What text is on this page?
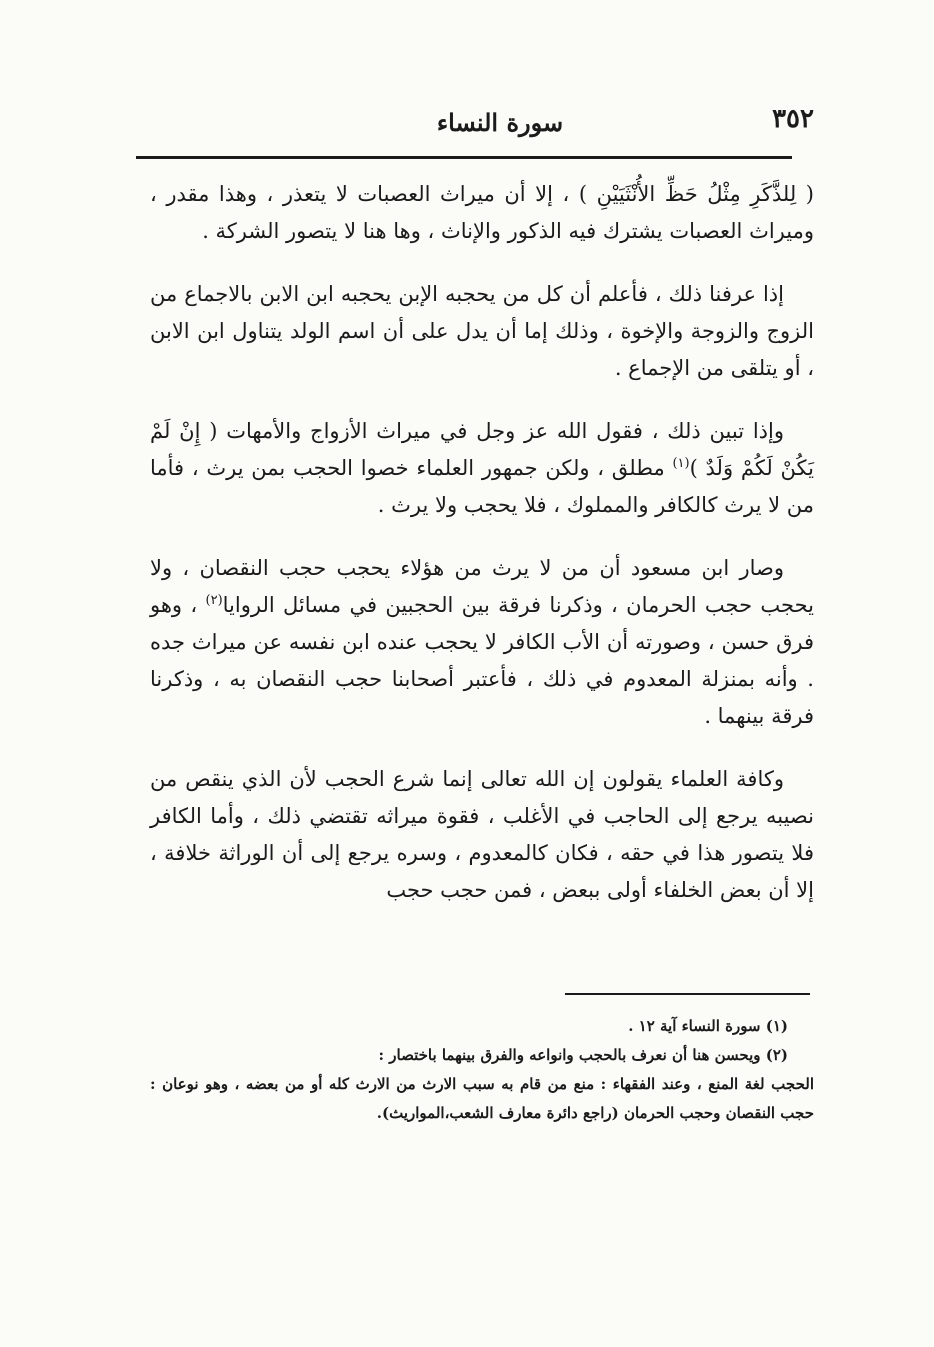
٣٥٢
سورة النساء

( لِلذَّكَرِ مِثْلُ حَظِّ الأُنْثَيَيْنِ ) ، إلا أن ميراث العصبات لا يتعذر ، وهذا مقدر ، وميراث العصبات يشترك فيه الذكور والإناث ، وها هنا لا يتصور الشركة .

إذا عرفنا ذلك ، فأعلم أن كل من يحجبه الإبن يحجبه ابن الابن بالاجماع من الزوج والزوجة والإخوة ، وذلك إما أن يدل على أن اسم الولد يتناول ابن الابن ، أو يتلقى من الإجماع .

وإذا تبين ذلك ، فقول الله عز وجل في ميراث الأزواج والأمهات ( إِنْ لَمْ يَكُنْ لَكُمْ وَلَدٌ )$^{(١)}$ مطلق ، ولكن جمهور العلماء خصوا الحجب بمن يرث ، فأما من لا يرث كالكافر والمملوك ، فلا يحجب ولا يرث .

وصار ابن مسعود أن من لا يرث من هؤلاء يحجب حجب النقصان ، ولا يحجب حجب الحرمان ، وذكرنا فرقة بين الحجبين في مسائل الروايا$^{(٢)}$ ، وهو فرق حسن ، وصورته أن الأب الكافر لا يحجب عنده ابن نفسه عن ميراث جده . وأنه بمنزلة المعدوم في ذلك ، فأعتبر أصحابنا حجب النقصان به ، وذكرنا فرقة بينهما .

وكافة العلماء يقولون إن الله تعالى إنما شرع الحجب لأن الذي ينقص من نصيبه يرجع إلى الحاجب في الأغلب ، فقوة ميراثه تقتضي ذلك ، وأما الكافر فلا يتصور هذا في حقه ، فكان كالمعدوم ، وسره يرجع إلى أن الوراثة خلافة ، إلا أن بعض الخلفاء أولى ببعض ، فمن حجب حجب

(١) سورة النساء آية ١٢ .

(٢) ويحسن هنا أن نعرف بالحجب وانواعه والفرق بينهما باختصار :

الحجب لغة المنع ، وعند الفقهاء : منع من قام به سبب الارث من الارث كله أو من بعضه ، وهو نوعان : حجب النقصان وحجب الحرمان (راجع دائرة معارف الشعب،المواريث).
